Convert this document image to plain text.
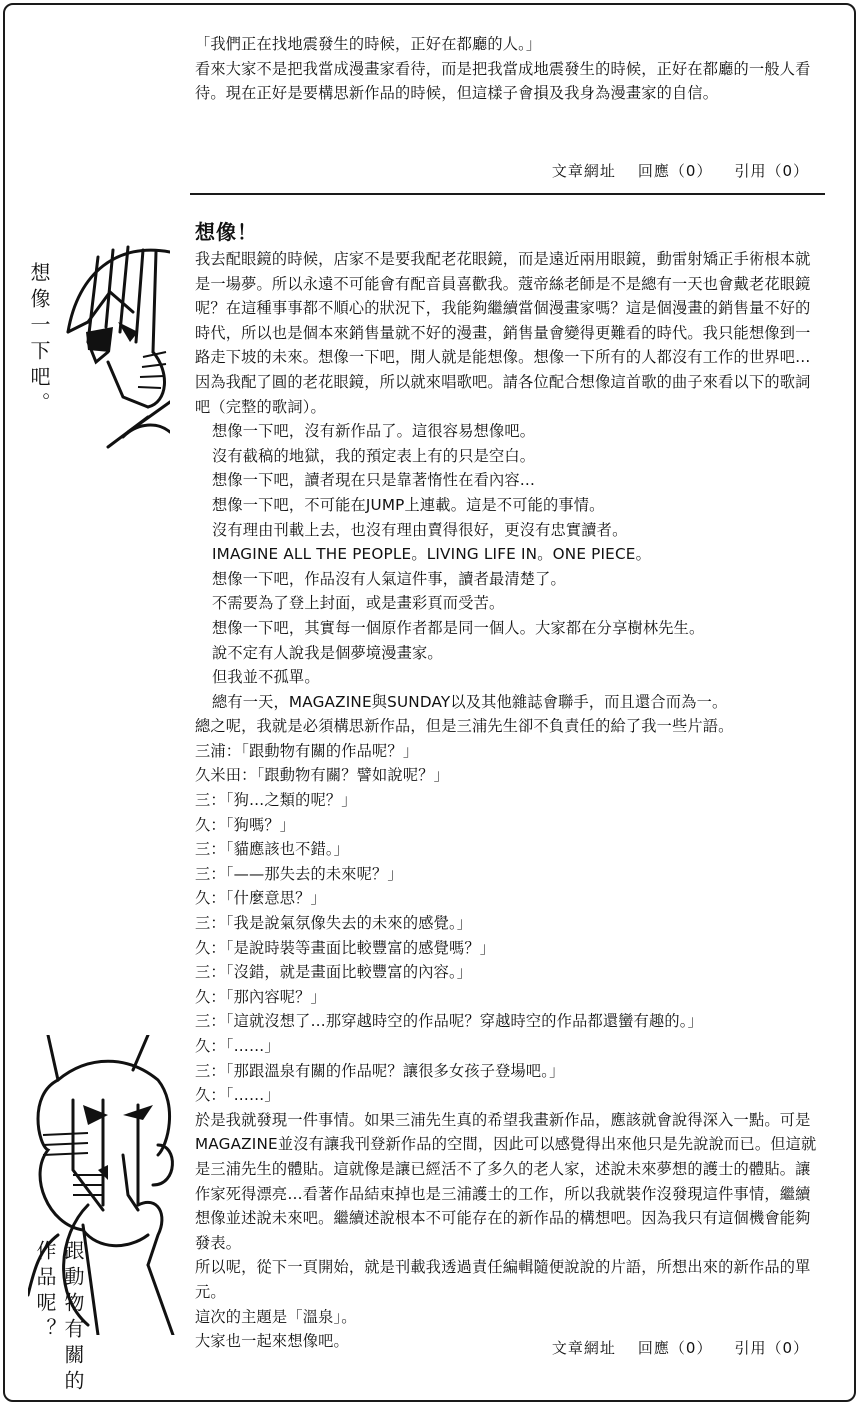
「我們正在找地震發生的時候，正好在都廳的人。」

看來大家不是把我當成漫畫家看待，而是把我當成地震發生的時候，正好在都廳的一般人看待。現在正好是要構思新作品的時候，但這樣子會損及我身為漫畫家的自信。

文章網址 回應（0） 引用（0）
想像！

我去配眼鏡的時候，店家不是要我配老花眼鏡，而是遠近兩用眼鏡，動雷射矯正手術根本就是一場夢。所以永遠不可能會有配音員喜歡我。蔻帝絲老師是不是總有一天也會戴老花眼鏡呢？在這種事事都不順心的狀況下，我能夠繼續當個漫畫家嗎？這是個漫畫的銷售量不好的時代，所以也是個本來銷售量就不好的漫畫，銷售量會變得更難看的時代。我只能想像到一路走下坡的未來。想像一下吧，閒人就是能想像。想像一下所有的人都沒有工作的世界吧…因為我配了圓的老花眼鏡，所以就來唱歌吧。請各位配合想像這首歌的曲子來看以下的歌詞吧（完整的歌詞）。

想像一下吧，沒有新作品了。這很容易想像吧。

沒有截稿的地獄，我的預定表上有的只是空白。

想像一下吧，讀者現在只是靠著惰性在看內容…

想像一下吧，不可能在JUMP上連載。這是不可能的事情。

沒有理由刊載上去，也沒有理由賣得很好，更沒有忠實讀者。

IMAGINE ALL THE PEOPLE。LIVING LIFE IN。ONE PIECE。

想像一下吧，作品沒有人氣這件事，讀者最清楚了。

不需要為了登上封面，或是畫彩頁而受苦。

想像一下吧，其實每一個原作者都是同一個人。大家都在分享樹林先生。

說不定有人說我是個夢境漫畫家。

但我並不孤單。

總有一天，MAGAZINE與SUNDAY以及其他雜誌會聯手，而且還合而為一。

總之呢，我就是必須構思新作品，但是三浦先生卻不負責任的給了我一些片語。

三浦：「跟動物有關的作品呢？」

久米田：「跟動物有關？譬如說呢？」

三：「狗…之類的呢？」

久：「狗嗎？」

三：「貓應該也不錯。」

三：「——那失去的未來呢？」

久：「什麼意思？」

三：「我是說氣氛像失去的未來的感覺。」

久：「是說時裝等畫面比較豐富的感覺嗎？」

三：「沒錯，就是畫面比較豐富的內容。」

久：「那內容呢？」

三：「這就沒想了…那穿越時空的作品呢？穿越時空的作品都還蠻有趣的。」

久：「……」

三：「那跟溫泉有關的作品呢？讓很多女孩子登場吧。」

久：「……」

於是我就發現一件事情。如果三浦先生真的希望我畫新作品，應該就會說得深入一點。可是MAGAZINE並沒有讓我刊登新作品的空間，因此可以感覺得出來他只是先說說而已。但這就是三浦先生的體貼。這就像是讓已經活不了多久的老人家，述說未來夢想的護士的體貼。讓作家死得漂亮…看著作品結束掉也是三浦護士的工作，所以我就裝作沒發現這件事情，繼續想像並述說未來吧。繼續述說根本不可能存在的新作品的構想吧。因為我只有這個機會能夠發表。

所以呢，從下一頁開始，就是刊載我透過責任編輯隨便說說的片語，所想出來的新作品的單元。

這次的主題是「溫泉」。

大家也一起來想像吧。	文章網址 回應（0） 引用（0）
想像一下吧。
跟動物有關的
作品呢？
